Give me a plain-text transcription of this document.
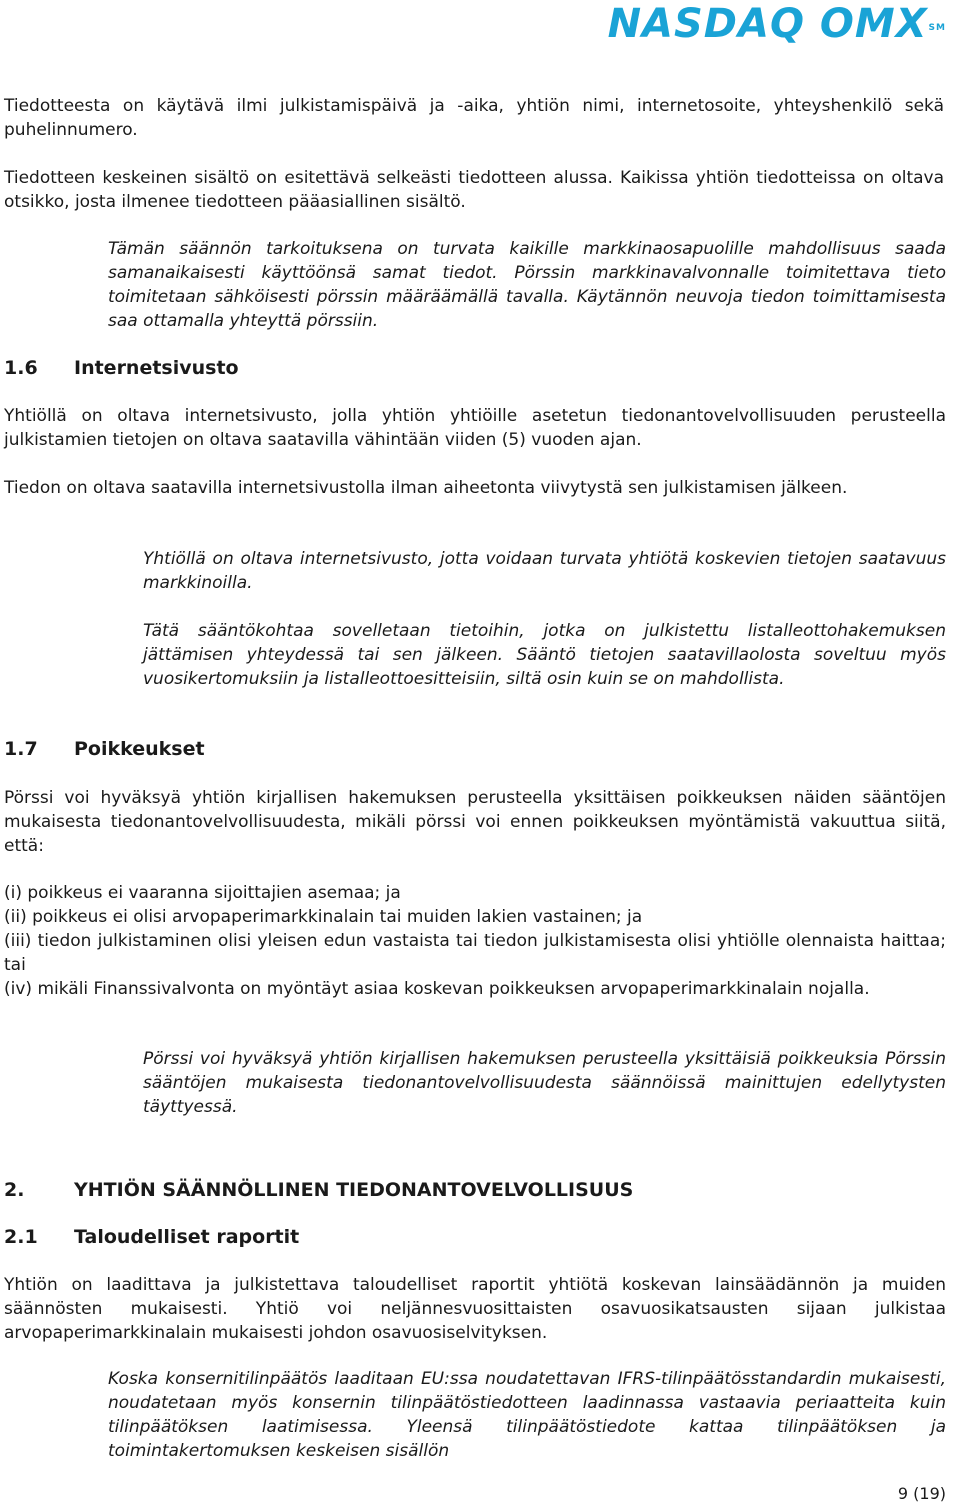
NASDAQ OMX℠

Tiedotteesta on käytävä ilmi julkistamispäivä ja -aika, yhtiön nimi, internetosoite, yhteyshenkilö sekä puhelinnumero.

Tiedotteen keskeinen sisältö on esitettävä selkeästi tiedotteen alussa. Kaikissa yhtiön tiedotteissa on oltava otsikko, josta ilmenee tiedotteen pääasiallinen sisältö.

Tämän säännön tarkoituksena on turvata kaikille markkinaosapuolille mahdollisuus saada samanaikaisesti käyttöönsä samat tiedot. Pörssin markkinavalvonnalle toimitettava tieto toimitetaan sähköisesti pörssin määräämällä tavalla. Käytännön neuvoja tiedon toimittamisesta saa ottamalla yhteyttä pörssiin.

1.6 Internetsivusto

Yhtiöllä on oltava internetsivusto, jolla yhtiön yhtiöille asetetun tiedonantovelvollisuuden perusteella julkistamien tietojen on oltava saatavilla vähintään viiden (5) vuoden ajan.

Tiedon on oltava saatavilla internetsivustolla ilman aiheetonta viivytystä sen julkistamisen jälkeen.

Yhtiöllä on oltava internetsivusto, jotta voidaan turvata yhtiötä koskevien tietojen saatavuus markkinoilla.

Tätä sääntökohtaa sovelletaan tietoihin, jotka on julkistettu listalleottohakemuksen jättämisen yhteydessä tai sen jälkeen. Sääntö tietojen saatavillaolosta soveltuu myös vuosikertomuksiin ja listalleottoesitteisiin, siltä osin kuin se on mahdollista.

1.7 Poikkeukset

Pörssi voi hyväksyä yhtiön kirjallisen hakemuksen perusteella yksittäisen poikkeuksen näiden sääntöjen mukaisesta tiedonantovelvollisuudesta, mikäli pörssi voi ennen poikkeuksen myöntämistä vakuuttua siitä, että:

(i) poikkeus ei vaaranna sijoittajien asemaa; ja

(ii) poikkeus ei olisi arvopaperimarkkinalain tai muiden lakien vastainen; ja

(iii) tiedon julkistaminen olisi yleisen edun vastaista tai tiedon julkistamisesta olisi yhtiölle olennaista haittaa; tai

(iv) mikäli Finanssivalvonta on myöntäyt asiaa koskevan poikkeuksen arvopaperimarkkinalain nojalla.

Pörssi voi hyväksyä yhtiön kirjallisen hakemuksen perusteella yksittäisiä poikkeuksia Pörssin sääntöjen mukaisesta tiedonantovelvollisuudesta säännöissä mainittujen edellytysten täyttyessä.

2.	YHTIÖN SÄÄNNÖLLINEN TIEDONANTOVELVOLLISUUS
2.1 Taloudelliset raportit

Yhtiön on laadittava ja julkistettava taloudelliset raportit yhtiötä koskevan lainsäädännön ja muiden säännösten mukaisesti. Yhtiö voi neljännesvuosittaisten osavuosikatsausten sijaan julkistaa arvopaperimarkkinalain mukaisesti johdon osavuosiselvityksen.

Koska konsernitilinpäätös laaditaan EU:ssa noudatettavan IFRS-tilinpäätösstandardin mukaisesti, noudatetaan myös konsernin tilinpäätöstiedotteen laadinnassa vastaavia periaatteita kuin tilinpäätöksen laatimisessa. Yleensä tilinpäätöstiedote kattaa tilinpäätöksen ja toimintakertomuksen keskeisen sisällön

9 (19)
